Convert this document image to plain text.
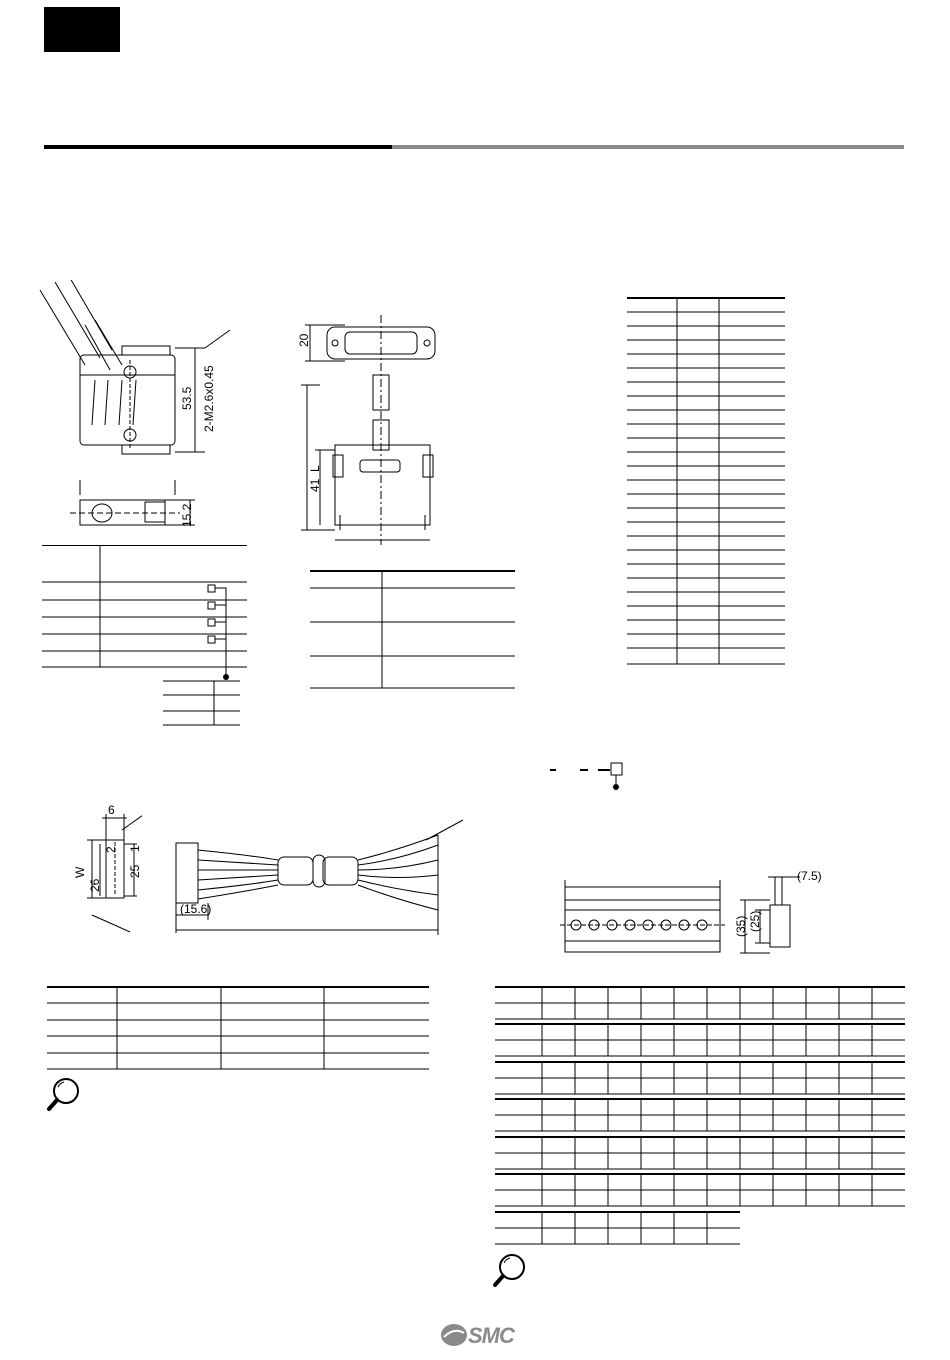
53.5 2-M2.6x0.45
15.2
20
L
41
6
W
26
2 1
25
(15.6)
(7.5)
(35) (25)
SMC
